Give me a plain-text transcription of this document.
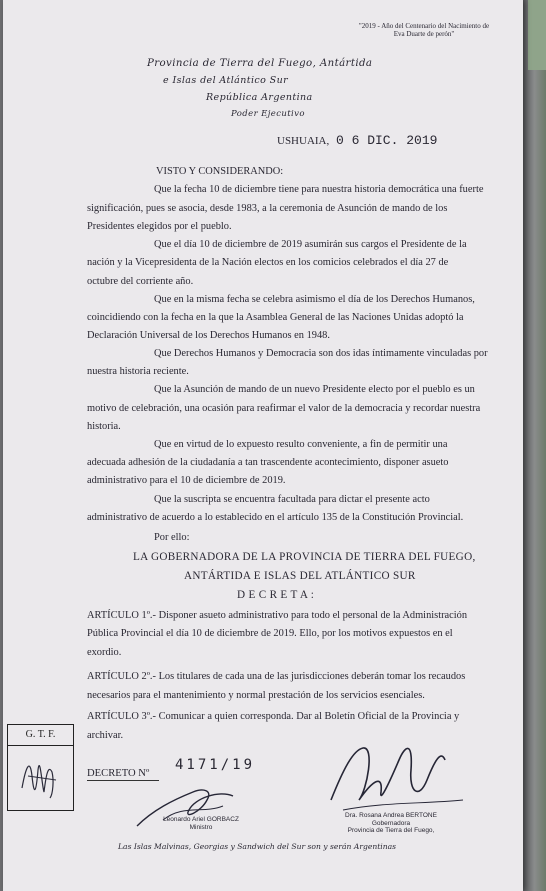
"2019 - Año del Centenario del Nacimiento de
Eva Duarte de perón"
Provincia de Tierra del Fuego, Antártida
e Islas del Atlántico Sur
República Argentina
Poder Ejecutivo
USHUAIA, 0 6 DIC. 2019
VISTO Y CONSIDERANDO:
Que la fecha 10 de diciembre tiene para nuestra historia democrática una fuerte
significación, pues se asocia, desde 1983, a la ceremonia de Asunción de mando de los
Presidentes elegidos por el pueblo.
Que el día 10 de diciembre de 2019 asumirán sus cargos el Presidente de la
nación y la Vicepresidenta de la Nación electos en los comicios celebrados el día 27 de
octubre del corriente año.
Que en la misma fecha se celebra asimismo el día de los Derechos Humanos,
coincidiendo con la fecha en la que la Asamblea General de las Naciones Unidas adoptó la
Declaración Universal de los Derechos Humanos en 1948.
Que Derechos Humanos y Democracia son dos idas íntimamente vinculadas por
nuestra historia reciente.
Que la Asunción de mando de un nuevo Presidente electo por el pueblo es un
motivo de celebración, una ocasión para reafirmar el valor de la democracia y recordar nuestra
historia.
Que en virtud de lo expuesto resulto conveniente, a fin de permitir una
adecuada adhesión de la ciudadanía a tan trascendente acontecimiento, disponer asueto
administrativo para el 10 de diciembre de 2019.
Que la suscripta se encuentra facultada para dictar el presente acto
administrativo de acuerdo a lo establecido en el artículo 135 de la Constitución Provincial.
Por ello:
LA GOBERNADORA DE LA PROVINCIA DE TIERRA DEL FUEGO,
ANTÁRTIDA E ISLAS DEL ATLÁNTICO SUR
D E C R E T A :
ARTÍCULO 1º.- Disponer asueto administrativo para todo el personal de la Administración
Pública Provincial el día 10 de diciembre de 2019. Ello, por los motivos expuestos en el
exordio.
ARTÍCULO 2º.- Los titulares de cada una de las jurisdicciones deberán tomar los recaudos
necesarios para el mantenimiento y normal prestación de los servicios esenciales.
ARTÍCULO 3º.- Comunicar a quien corresponda. Dar al Boletín Oficial de la Provincia y
archivar.
G. T. F.
DECRETO Nº
4171/19
Leonardo Ariel GORBACZ
Ministro
Dra. Rosana Andrea BERTONE
Gobernadora
Provincia de Tierra del Fuego,
Las Islas Malvinas, Georgias y Sandwich del Sur son y serán Argentinas
